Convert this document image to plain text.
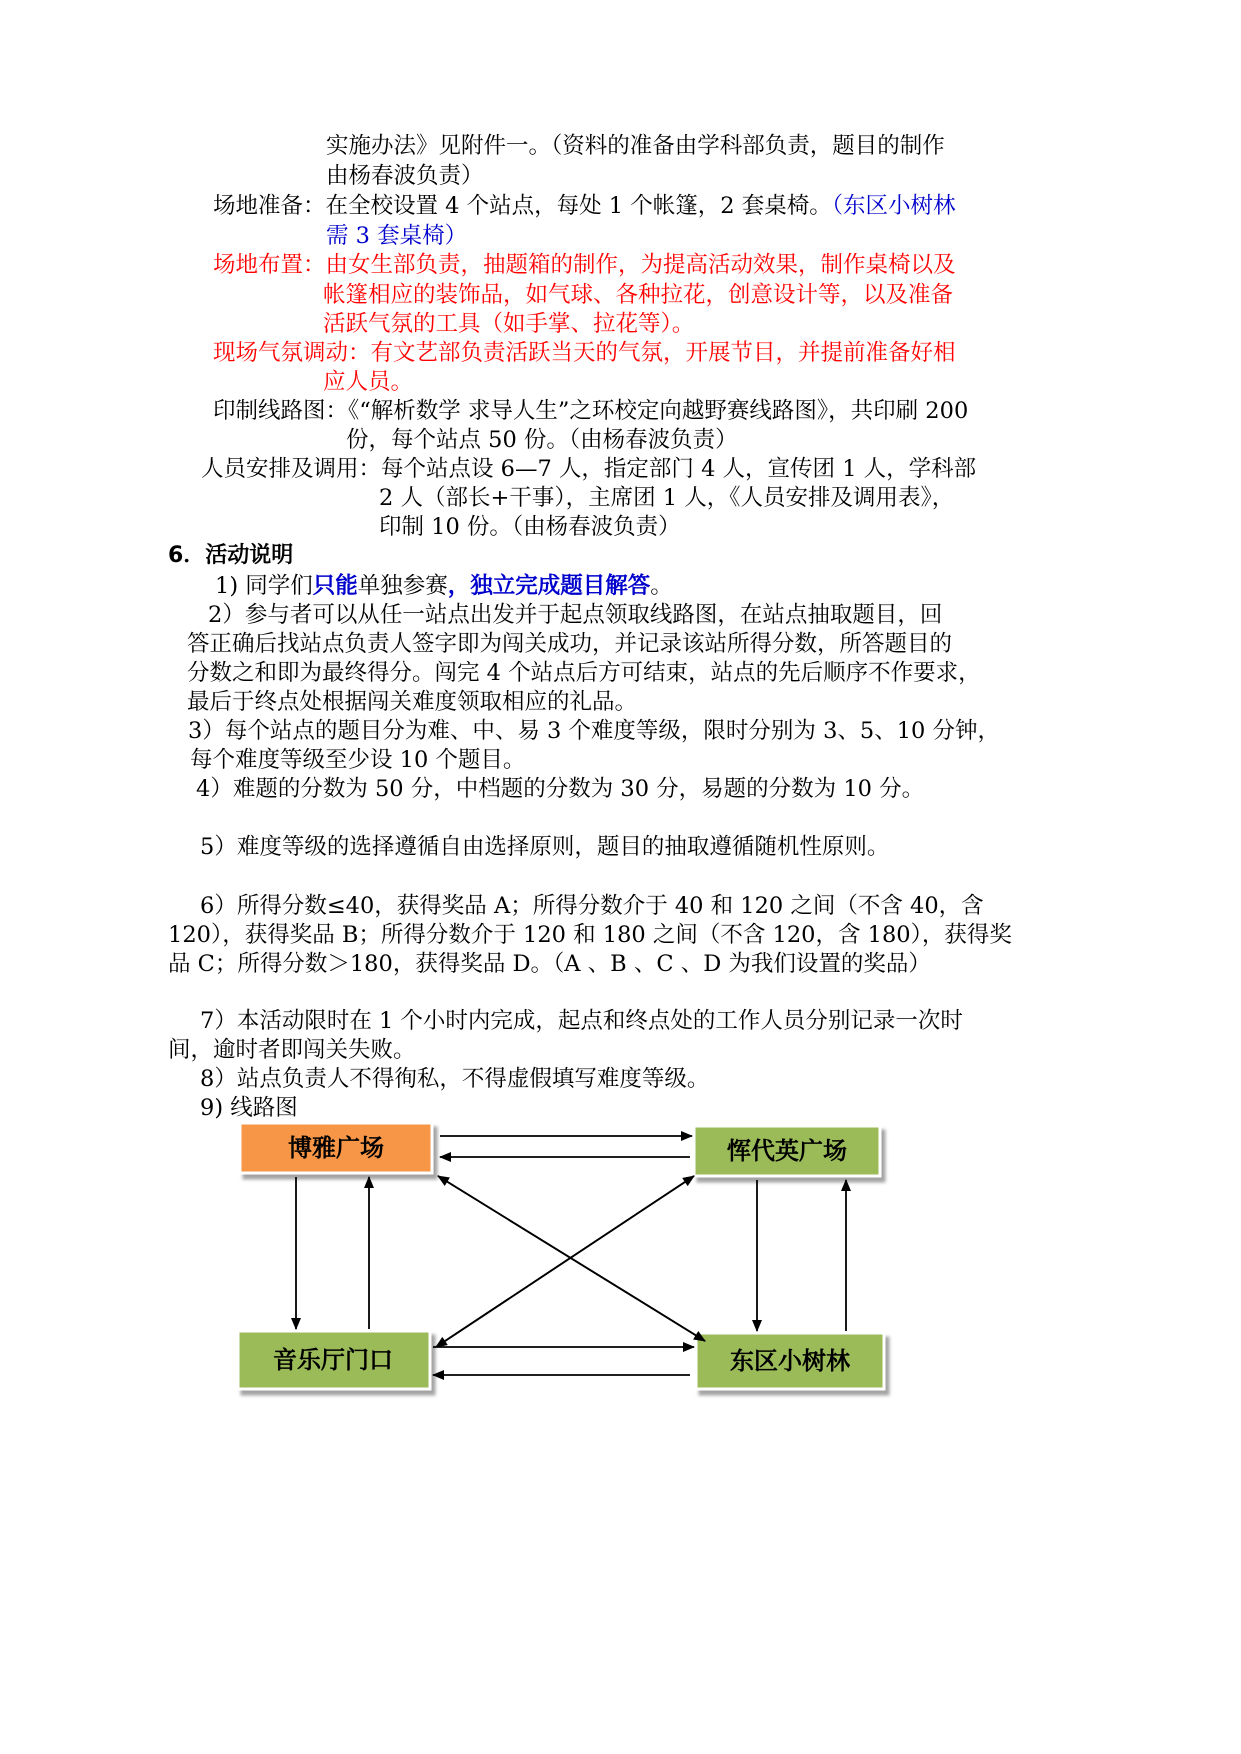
实施办法》见附件一。（资料的准备由学科部负责，题目的制作
由杨春波负责）
场地准备：在全校设置 4 个站点，每处 1 个帐篷，2 套桌椅。（东区小树林
需 3 套桌椅）
场地布置：由女生部负责，抽题箱的制作，为提高活动效果，制作桌椅以及
帐篷相应的装饰品，如气球、各种拉花，创意设计等，以及准备
活跃气氛的工具（如手掌、拉花等）。
现场气氛调动：有文艺部负责活跃当天的气氛，开展节目，并提前准备好相
应人员。
印制线路图：《“解析数学 求导人生”之环校定向越野赛线路图》，共印刷 200
份，每个站点 50 份。（由杨春波负责）
人员安排及调用：每个站点设 6—7 人，指定部门 4 人，宣传团 1 人，学科部
2 人（部长+干事），主席团 1 人，《人员安排及调用表》，
印制 10 份。（由杨春波负责）
6．活动说明
1) 同学们只能单独参赛，独立完成题目解答。
2）参与者可以从任一站点出发并于起点领取线路图，在站点抽取题目，回
答正确后找站点负责人签字即为闯关成功，并记录该站所得分数，所答题目的
分数之和即为最终得分。闯完 4 个站点后方可结束，站点的先后顺序不作要求，
最后于终点处根据闯关难度领取相应的礼品。
3）每个站点的题目分为难、中、易 3 个难度等级，限时分别为 3、5、10 分钟，
每个难度等级至少设 10 个题目。
4）难题的分数为 50 分，中档题的分数为 30 分，易题的分数为 10 分。
5）难度等级的选择遵循自由选择原则，题目的抽取遵循随机性原则。
6）所得分数≤40，获得奖品 A；所得分数介于 40 和 120 之间（不含 40，含
120），获得奖品 B；所得分数介于 120 和 180 之间（不含 120，含 180），获得奖
品 C；所得分数＞180，获得奖品 D。（A 、B 、C 、D 为我们设置的奖品）
7）本活动限时在 1 个小时内完成，起点和终点处的工作人员分别记录一次时
间，逾时者即闯关失败。
8）站点负责人不得徇私，不得虚假填写难度等级。
9) 线路图
博雅广场	恽代英广场
音乐厅门口	东区小树林
